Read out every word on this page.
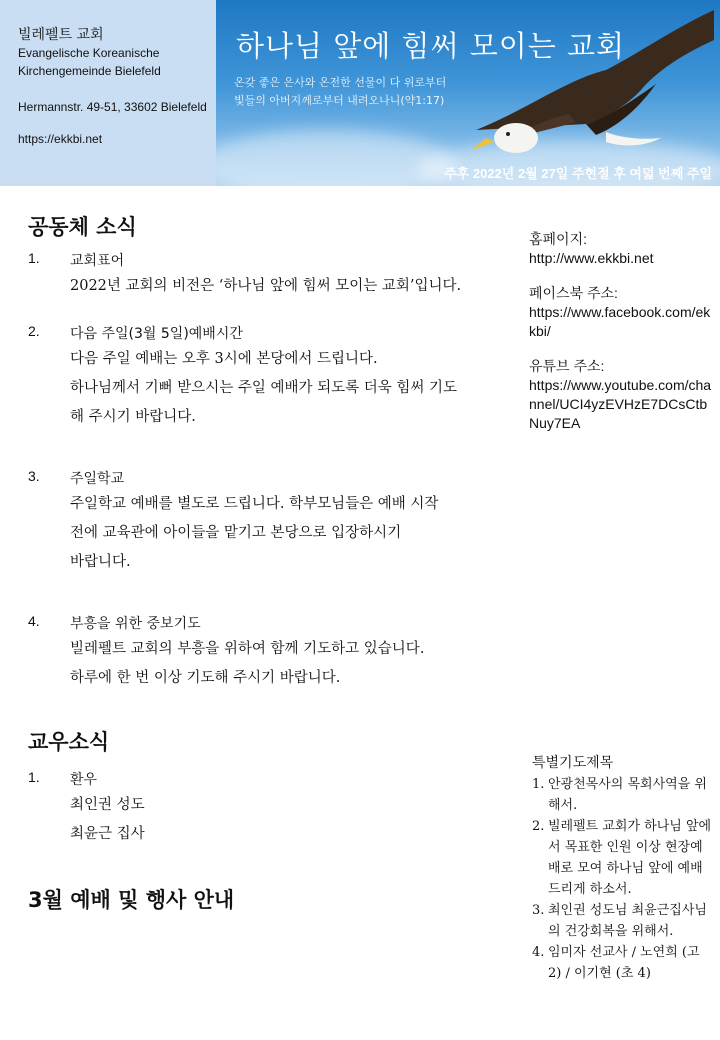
빌레펠트 교회
Evangelische Koreanische
Kirchengemeinde Bielefeld
Hermannstr. 49-51, 33602 Bielefeld
https://ekkbi.net
하나님 앞에 힘써 모이는 교회
온갖 좋은 은사와 온전한 선물이 다 위로부터
빛들의 아버지께로부터 내려오나니(약1:17)
주후 2022년 2월 27일 주현절 후 여덟 번째 주일
공동체 소식
1. 교회표어
2022년 교회의 비전은 ‘하나님 앞에 힘써 모이는 교회’입니다.
2. 다음 주일(3월 5일)예배시간
다음 주일 예배는 오후 3시에 본당에서 드립니다.
하나님께서 기뻐 받으시는 주일 예배가 되도록 더욱 힘써 기도
해 주시기 바랍니다.
3. 주일학교
주일학교 예배를 별도로 드립니다. 학부모님들은 예배 시작
전에 교육관에 아이들을 맡기고 본당으로 입장하시기
바랍니다.
4. 부흥을 위한 중보기도
빌레펠트 교회의 부흥을 위하여 함께 기도하고 있습니다.
하루에 한 번 이상 기도해 주시기 바랍니다.
교우소식
1. 환우
최인권 성도
최윤근 집사
3월 예배 및 행사 안내
홈페이지:
http://www.ekkbi.net
페이스북 주소:
https://www.facebook.com/ekkbi/
유튜브 주소:
https://www.youtube.com/channel/UCI4yzEVHzE7DCsCtbNuy7EA
특별기도제목
1. 안광천목사의 목회사역을 위해서.
2. 빌레펠트 교회가 하나님 앞에서 목표한 인원 이상 현장예배로 모여 하나님 앞에 예배드리게 하소서.
3. 최인권 성도님 최윤근집사님의 건강회복을 위해서.
4. 임미자 선교사 / 노연희 (고2) / 이기현 (초 4)
